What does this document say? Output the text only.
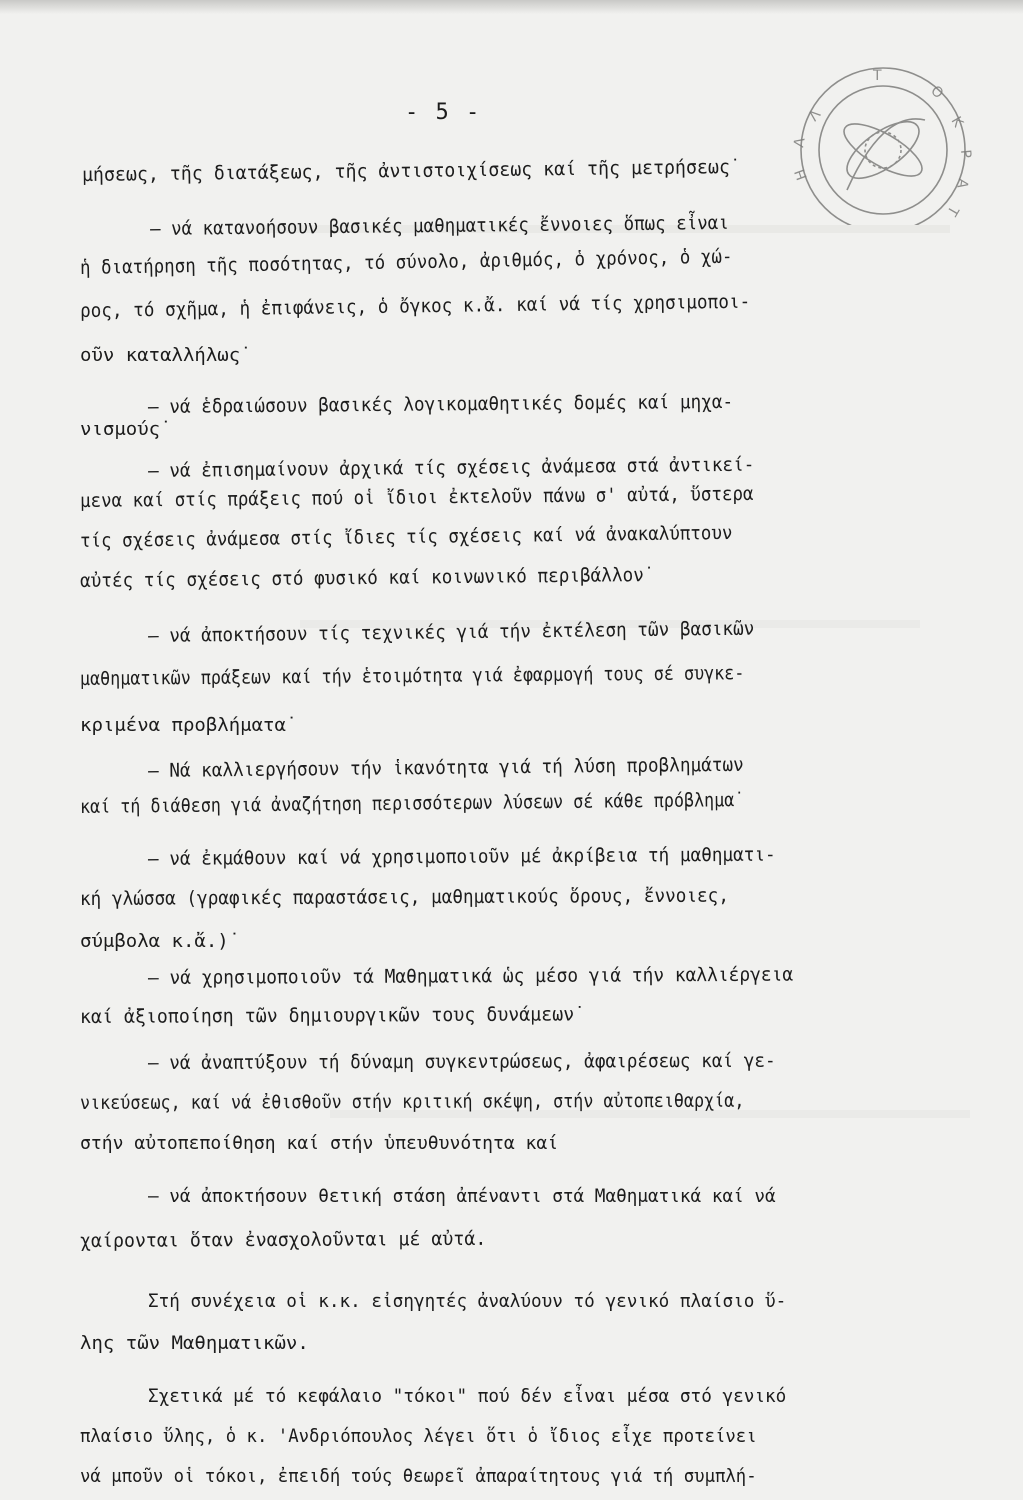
Λ
Λ
Η
Τ
Ο
Κ
Ρ
Α
Τ
- 5 -
μήσεως, τῆς διατάξεως, τῆς ἀντιστοιχίσεως καί τῆς μετρήσεως˙
– νά κατανοήσουν βασικές μαθηματικές ἔννοιες ὅπως εἶναι
ἡ διατήρηση τῆς ποσότητας, τό σύνολο, ἀριθμός, ὁ χρόνος, ὁ χώ-
ρος, τό σχῆμα, ἡ ἐπιφάνεις, ὁ ὄγκος κ.ἄ. καί νά τίς χρησιμοποι-
οῦν καταλλήλως˙
– νά ἑδραιώσουν βασικές λογικομαθητικές δομές καί μηχα-
νισμούς˙
– νά ἐπισημαίνουν ἀρχικά τίς σχέσεις ἀνάμεσα στά ἀντικεί-
μενα καί στίς πράξεις πού οἱ ἴδιοι ἐκτελοῦν πάνω σ' αὐτά, ὕστερα
τίς σχέσεις ἀνάμεσα στίς ἴδιες τίς σχέσεις καί νά ἀνακαλύπτουν
αὐτές τίς σχέσεις στό φυσικό καί κοινωνικό περιβάλλον˙
– νά ἀποκτήσουν τίς τεχνικές γιά τήν ἐκτέλεση τῶν βασικῶν
μαθηματικῶν πράξεων καί τήν ἑτοιμότητα γιά ἐφαρμογή τους σέ συγκε-
κριμένα προβλήματα˙
– Νά καλλιεργήσουν τήν ἱκανότητα γιά τή λύση προβλημάτων
καί τή διάθεση γιά ἀναζήτηση περισσότερων λύσεων σέ κάθε πρόβλημα˙
– νά ἐκμάθουν καί νά χρησιμοποιοῦν μέ ἀκρίβεια τή μαθηματι-
κή γλώσσα (γραφικές παραστάσεις, μαθηματικούς ὅρους, ἔννοιες,
σύμβολα κ.ἄ.)˙
– νά χρησιμοποιοῦν τά Μαθηματικά ὡς μέσο γιά τήν καλλιέργεια
καί ἀξιοποίηση τῶν δημιουργικῶν τους δυνάμεων˙
– νά ἀναπτύξουν τή δύναμη συγκεντρώσεως, ἀφαιρέσεως καί γε-
νικεύσεως, καί νά ἐθισθοῦν στήν κριτική σκέψη, στήν αὐτοπειθαρχία,
στήν αὐτοπεποίθηση καί στήν ὑπευθυνότητα καί
– νά ἀποκτήσουν θετική στάση ἀπέναντι στά Μαθηματικά καί νά
χαίρονται ὅταν ἐνασχολοῦνται μέ αὐτά.
Στή συνέχεια οἱ κ.κ. εἰσηγητές ἀναλύουν τό γενικό πλαίσιο ὕ-
λης τῶν Μαθηματικῶν.
Σχετικά μέ τό κεφάλαιο "τόκοι" πού δέν εἶναι μέσα στό γενικό
πλαίσιο ὕλης, ὁ κ. 'Ανδριόπουλος λέγει ὅτι ὁ ἴδιος εἶχε προτείνει
νά μποῦν οἱ τόκοι, ἐπειδή τούς θεωρεῖ ἀπαραίτητους γιά τή συμπλή-
